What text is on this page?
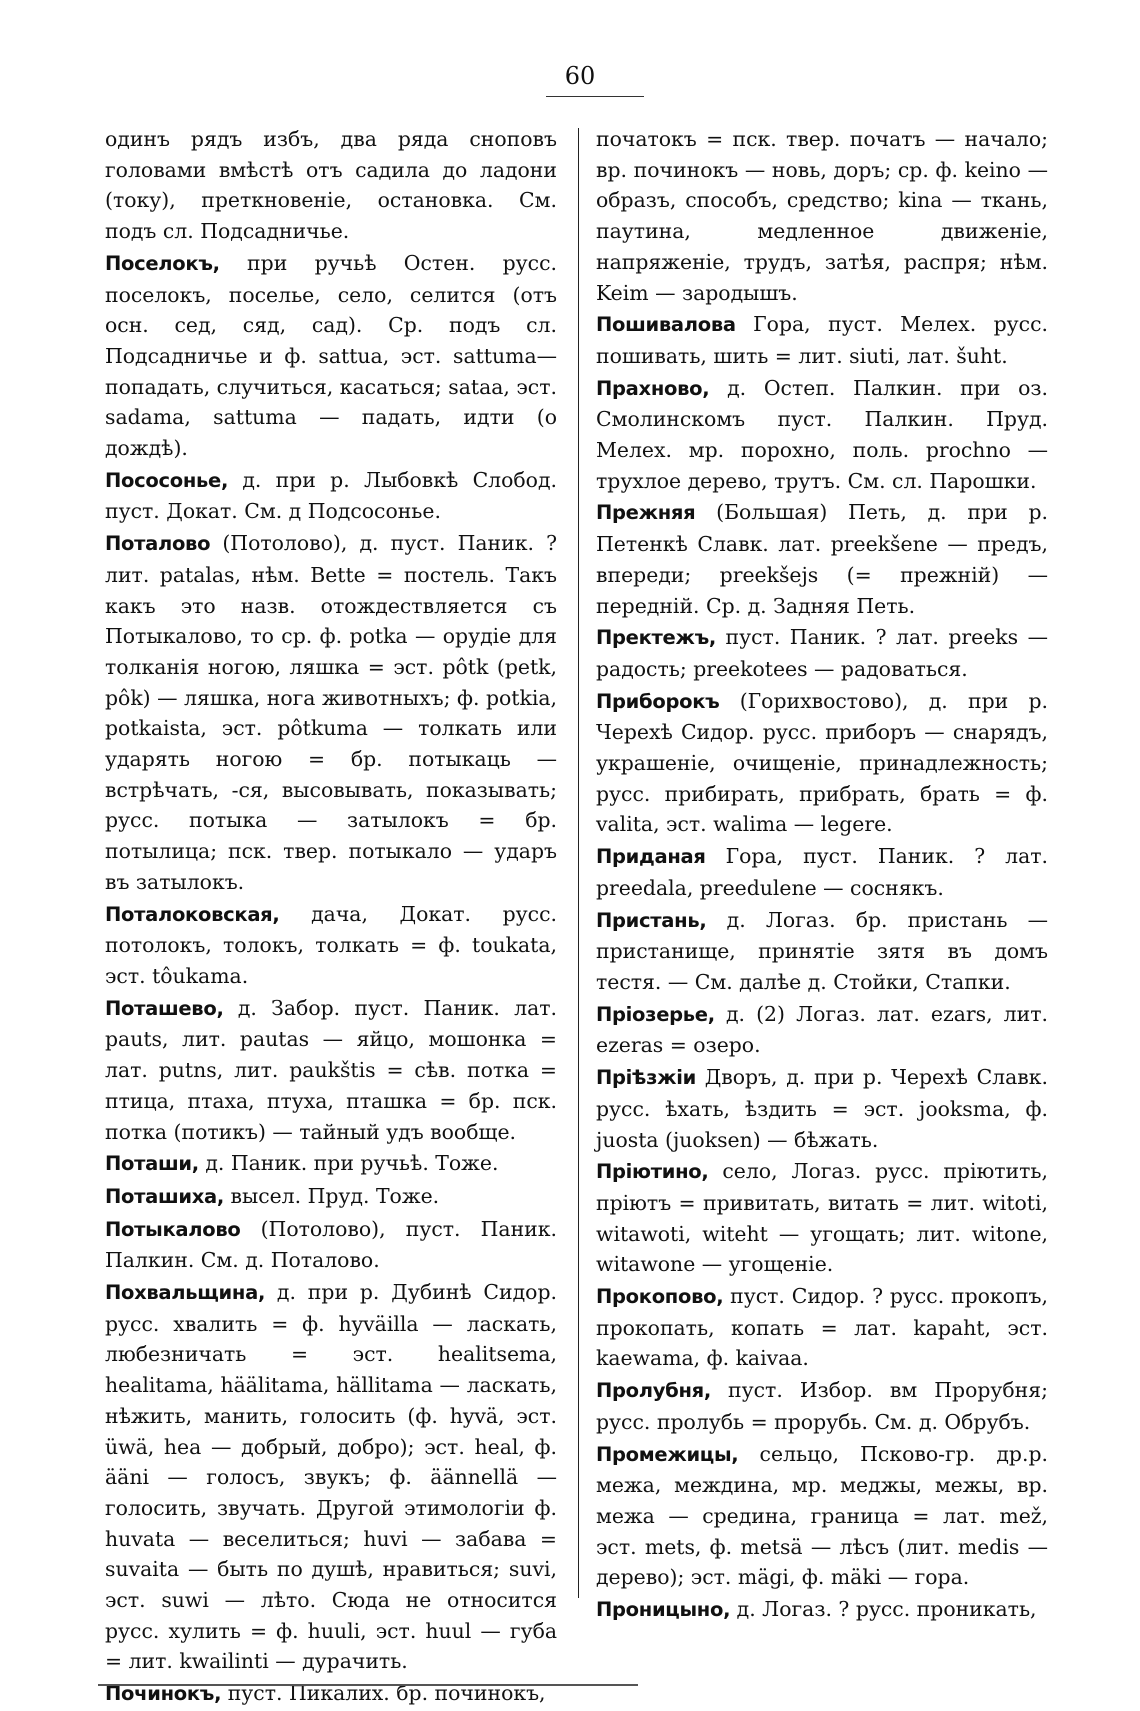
60
одинъ рядъ избъ, два ряда сноповъ головами вмѣстѣ отъ садила до ладони (току), преткновеніе, остановка. См. подъ сл. Подсадничье.
Поселокъ, при ручьѣ Остен. русс. поселокъ, поселье, село, селится (отъ осн. сед, сяд, сад). Ср. подъ сл. Подсадничье и ф. sattua, эст. sattuma—попадать, случиться, касаться; sataa, эст. sadama, sattuma — падать, идти (о дождѣ).
Пососонье, д. при р. Лыбовкѣ Слобод. пуст. Докат. См. д Подсосонье.
Поталово (Потолово), д. пуст. Паник. ? лит. patalas, нѣм. Bette = постель. Такъ какъ это назв. отождествляется съ Потыкалово, то ср. ф. potka — орудіе для толканія ногою, ляшка = эст. pôtk (petk, pôk) — ляшка, нога животныхъ; ф. potkia, potkaista, эст. pôtkuma — толкать или ударять ногою = бр. потыкаць — встрѣчать, -ся, высовывать, показывать; русс. потыка — затылокъ = бр. потылица; пск. твер. потыкало — ударъ въ затылокъ.
Поталоковская, дача, Докат. русс. потолокъ, толокъ, толкать = ф. toukata, эст. tôukama.
Поташево, д. Забор. пуст. Паник. лат. pauts, лит. pautas — яйцо, мошонка = лат. putns, лит. paukštis = сѣв. потка = птица, птаха, птуха, пташка = бр. пск. потка (потикъ) — тайный удъ вообще.
Поташи, д. Паник. при ручьѣ. Тоже.
Поташиха, высел. Пруд. Тоже.
Потыкалово (Потолово), пуст. Паник. Палкин. См. д. Поталово.
Похвальщина, д. при р. Дубинѣ Сидор. русс. хвалить = ф. hyväilla — ласкать, любезничать = эст. healitsema, healitama, häälitama, hällitama — ласкать, нѣжить, манить, голосить (ф. hyvä, эст. üwä, hea — добрый, добро); эст. heal, ф. ääni — голосъ, звукъ; ф. äännellä — голосить, звучать. Другой этимологіи ф. huvata — веселиться; huvi — забава = suvaita — быть по душѣ, нравиться; suvi, эст. suwi — лѣто. Сюда не относится русс. хулить = ф. huuli, эст. huul — губа = лит. kwailinti — дурачить.
Починокъ, пуст. Пикалих. бр. починокъ,
початокъ = пск. твер. початъ — начало; вр. починокъ — новь, доръ; ср. ф. keino — образъ, способъ, средство; kina — ткань, паутина, медленное движеніе, напряженіе, трудъ, затѣя, распря; нѣм. Keim — зародышъ.
Пошивалова Гора, пуст. Мелех. русс. пошивать, шить = лит. siuti, лат. šuht.
Прахново, д. Остеп. Палкин. при оз. Смолинскомъ пуст. Палкин. Пруд. Мелех. мр. порохно, поль. prochno — трухлое дерево, трутъ. См. сл. Парошки.
Прежняя (Большая) Петь, д. при р. Петенкѣ Славк. лат. preekšene — предъ, впереди; preekšejs (= прежній) — передній. Ср. д. Задняя Петь.
Пректежъ, пуст. Паник. ? лат. preeks — радость; preekotees — радоваться.
Приборокъ (Горихвостово), д. при р. Черехѣ Сидор. русс. приборъ — снарядъ, украшеніе, очищеніе, принадлежность; русс. прибирать, прибрать, брать = ф. valita, эст. walima — legere.
Приданая Гора, пуст. Паник. ? лат. preedala, preedulene — соснякъ.
Пристань, д. Логаз. бр. пристань — пристанище, принятіе зятя въ домъ тестя. — См. далѣе д. Стойки, Стапки.
Пріозерье, д. (2) Логаз. лат. ezars, лит. ezeras = озеро.
Пріѣзжіи Дворъ, д. при р. Черехѣ Славк. русс. ѣхать, ѣздить = эст. jooksma, ф. juosta (juoksen) — бѣжать.
Пріютино, село, Логаз. русс. пріютить, пріютъ = привитать, витать = лит. witoti, witawoti, witeht — угощать; лит. witone, witawone — угощеніе.
Прокопово, пуст. Сидор. ? русс. прокопъ, прокопать, копать = лат. kapaht, эст. kaewama, ф. kaivaa.
Пролубня, пуст. Избор. вм Прорубня; русс. пролубь = прорубь. См. д. Обрубъ.
Промежицы, сельцо, Псково-гр. др.р. межа, междина, мр. меджы, межы, вр. межа — средина, граница = лат. mež, эст. mets, ф. metsä — лѣсъ (лит. medis — дерево); эст. mägi, ф. mäki — гора.
Проницыно, д. Логаз. ? русс. проникать,
